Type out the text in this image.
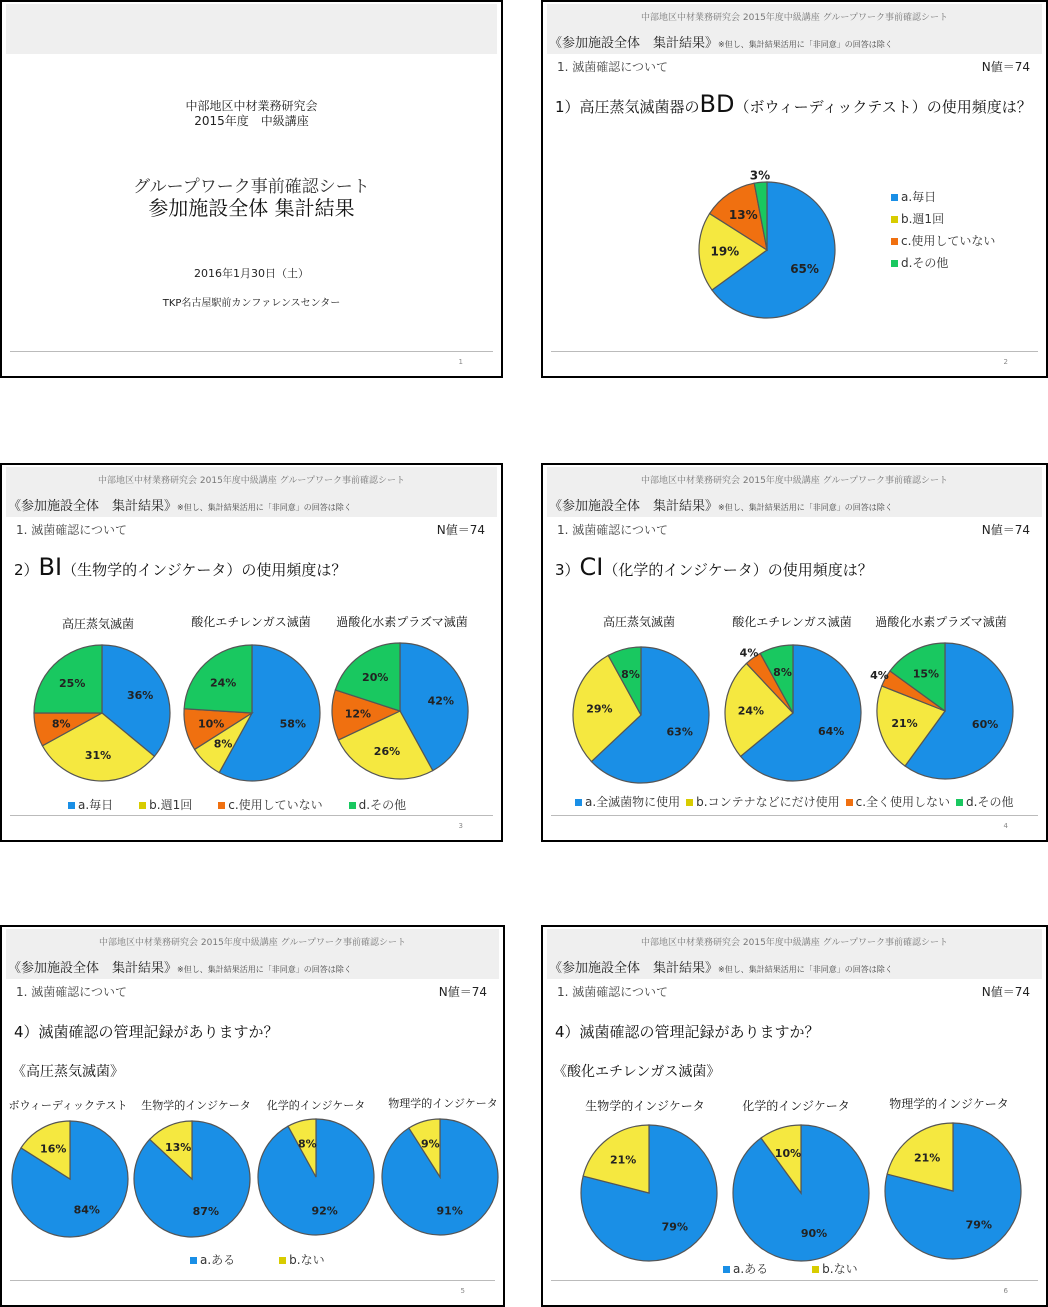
中部地区中材業務研究会
2015年度　中級講座
グループワーク事前確認シート
参加施設全体 集計結果
2016年1月30日（土）
TKP名古屋駅前カンファレンスセンター
1
中部地区中材業務研究会 2015年度中級講座 グループワーク事前確認シート
《参加施設全体　集計結果》※但し、集計結果活用に「非同意」の回答は除く
1. 滅菌確認について	N値＝74
1）高圧蒸気滅菌器のBD（ボウィーディックテスト）の使用頻度は？
65%
19%
13%
3%
a.毎日
b.週1回
c.使用していない
d.その他
2
中部地区中材業務研究会 2015年度中級講座 グループワーク事前確認シート
《参加施設全体　集計結果》※但し、集計結果活用に「非同意」の回答は除く
1. 滅菌確認について	N値＝74
2）BI（生物学的インジケータ）の使用頻度は？
高圧蒸気滅菌	酸化エチレンガス滅菌 過酸化水素プラズマ滅菌
36%
31%
8%
25%
58%
8%
10%
24%
42%
26%
12%
20%
a.毎日	b.週1回	c.使用していない	d.その他
3
中部地区中材業務研究会 2015年度中級講座 グループワーク事前確認シート
《参加施設全体　集計結果》※但し、集計結果活用に「非同意」の回答は除く
1. 滅菌確認について	N値＝74
3）CI（化学的インジケータ）の使用頻度は？
高圧蒸気滅菌	酸化エチレンガス滅菌 過酸化水素プラズマ滅菌
63%
29%
8%
64%
24%
4%
8%
60%
21%
4% 15%
a.全滅菌物に使用 b.コンテナなどにだけ使用 c.全く使用しない d.その他
4
中部地区中材業務研究会 2015年度中級講座 グループワーク事前確認シート
《参加施設全体　集計結果》※但し、集計結果活用に「非同意」の回答は除く
1. 滅菌確認について	N値＝74
4）滅菌確認の管理記録がありますか？
《高圧蒸気滅菌》
ボウィーディックテスト 生物学的インジケータ 化学的インジケータ 物理学的インジケータ
84%
16%
87%
13%
92%
8%
91%
9%
a.ある	b.ない
5
中部地区中材業務研究会 2015年度中級講座 グループワーク事前確認シート
《参加施設全体　集計結果》※但し、集計結果活用に「非同意」の回答は除く
1. 滅菌確認について	N値＝74
4）滅菌確認の管理記録がありますか？
《酸化エチレンガス滅菌》
生物学的インジケータ	化学的インジケータ	物理学的インジケータ
79%
21%
90%
10%
79%
21%
a.ある	b.ない
6
